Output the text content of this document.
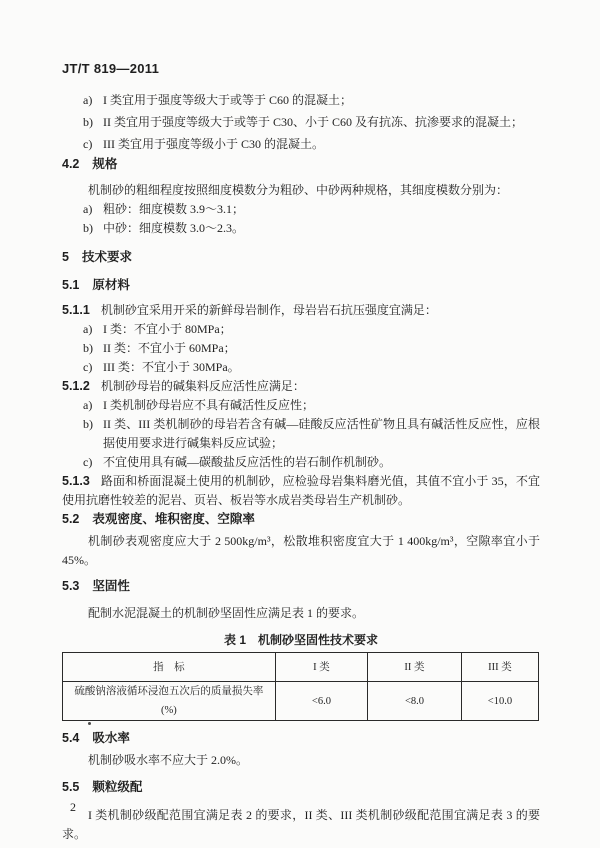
JT/T 819—2011
a) I 类宜用于强度等级大于或等于 C60 的混凝土；
b) II 类宜用于强度等级大于或等于 C30、小于 C60 及有抗冻、抗渗要求的混凝土；
c) III 类宜用于强度等级小于 C30 的混凝土。
4.2 规格
机制砂的粗细程度按照细度模数分为粗砂、中砂两种规格，其细度模数分别为：
a) 粗砂：细度模数 3.9～3.1；
b) 中砂：细度模数 3.0～2.3。
5 技术要求
5.1 原材料
5.1.1 机制砂宜采用开采的新鲜母岩制作，母岩岩石抗压强度宜满足：
a) I 类：不宜小于 80MPa；
b) II 类：不宜小于 60MPa；
c) III 类：不宜小于 30MPa。
5.1.2 机制砂母岩的碱集料反应活性应满足：
a) I 类机制砂母岩应不具有碱活性反应性；
b) II 类、III 类机制砂的母岩若含有碱—硅酸反应活性矿物且具有碱活性反应性，应根据使用要求进行碱集料反应试验；
c) 不宜使用具有碱—碳酸盐反应活性的岩石制作机制砂。
5.1.3 路面和桥面混凝土使用的机制砂，应检验母岩集料磨光值，其值不宜小于 35，不宜使用抗磨性较差的泥岩、页岩、板岩等水成岩类母岩生产机制砂。
5.2 表观密度、堆积密度、空隙率
机制砂表观密度应大于 2 500kg/m³，松散堆积密度宜大于 1 400kg/m³，空隙率宜小于 45%。
5.3 坚固性
配制水泥混凝土的机制砂坚固性应满足表 1 的要求。
表 1　机制砂坚固性技术要求
指　标	I 类	II 类	III 类
硫酸钠溶液循环浸泡五次后的质量损失率(%)	<6.0	<8.0	<10.0
5.4 吸水率
机制砂吸水率不应大于 2.0%。
5.5 颗粒级配
I 类机制砂级配范围宜满足表 2 的要求，II 类、III 类机制砂级配范围宜满足表 3 的要求。
2
